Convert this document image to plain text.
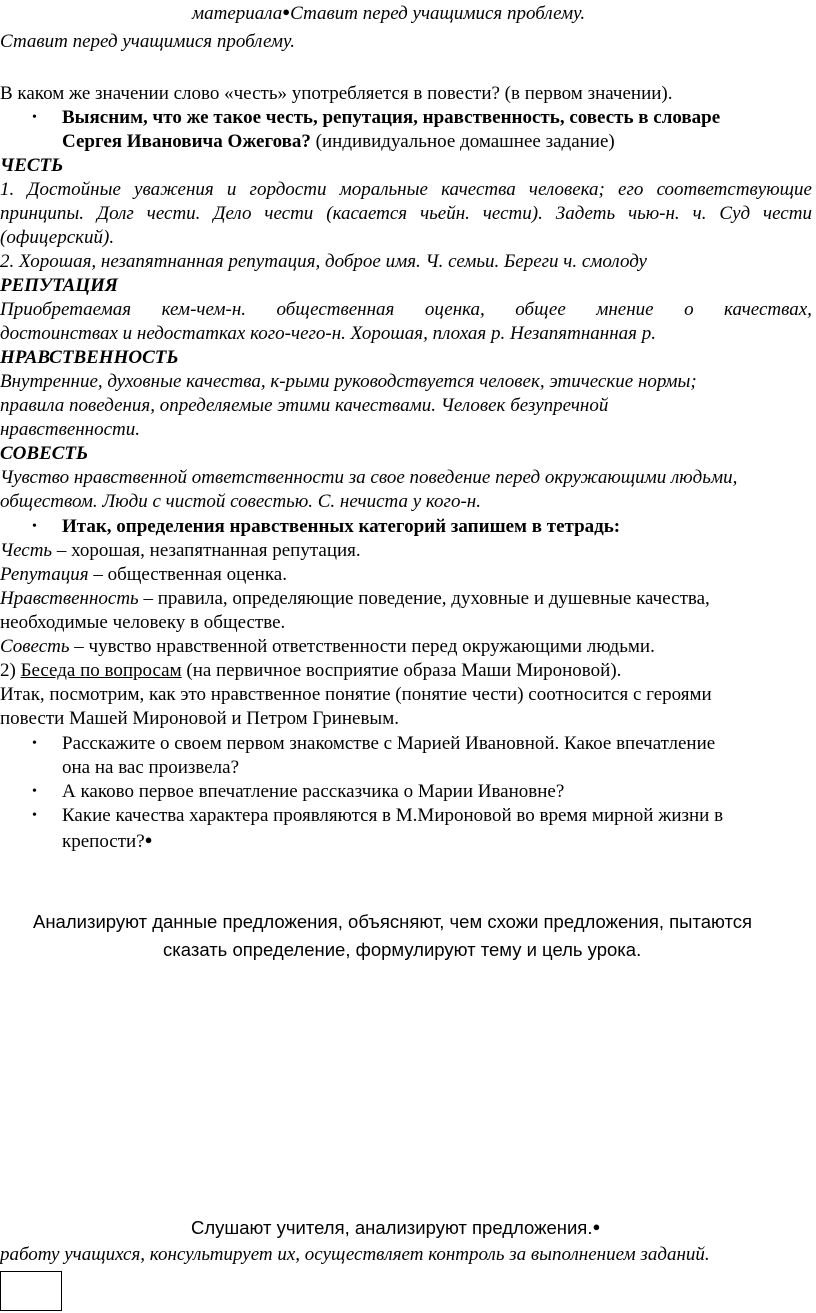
материала●Ставит перед учащимися проблему.
Ставит перед учащимися проблему.
В каком же значении слово «честь» употребляется в повести? (в первом значении).
• Выясним, что же такое честь, репутация, нравственность, совесть в словаре
Сергея Ивановича Ожегова? (индивидуальное домашнее задание)
ЧЕСТЬ
1. Достойные уважения и гордости моральные качества человека; его соответствующие
принципы. Долг чести. Дело чести (касается чьейн. чести). Задеть чью-н. ч. Суд чести
(офицерский).
2. Хорошая, незапятнанная репутация, доброе имя. Ч. семьи. Береги ч. смолоду
РЕПУТАЦИЯ
Приобретаемая кем-чем-н. общественная оценка, общее мнение о качествах,
достоинствах и недостатках кого-чего-н. Хорошая, плохая р. Незапятнанная р.
НРАВСТВЕННОСТЬ
Внутренние, духовные качества, к-рыми руководствуется человек, этические нормы;
правила поведения, определяемые этими качествами. Человек безупречной
нравственности.
СОВЕСТЬ
Чувство нравственной ответственности за свое поведение перед окружающими людьми,
обществом. Люди с чистой совестью. С. нечиста у кого-н.
• Итак, определения нравственных категорий запишем в тетрадь:
Честь – хорошая, незапятнанная репутация.
Репутация – общественная оценка.
Нравственность – правила, определяющие поведение, духовные и душевные качества,
необходимые человеку в обществе.
Совесть – чувство нравственной ответственности перед окружающими людьми.
2) Беседа по вопросам (на первичное восприятие образа Маши Мироновой).
Итак, посмотрим, как это нравственное понятие (понятие чести) соотносится с героями
повести Машей Мироновой и Петром Гриневым.
• Расскажите о своем первом знакомстве с Марией Ивановной. Какое впечатление
она на вас произвела?
• А каково первое впечатление рассказчика о Марии Ивановне?
• Какие качества характера проявляются в М.Мироновой во время мирной жизни в
крепости?●
Анализируют данные предложения, объясняют, чем схожи предложения, пытаются
сказать определение, формулируют тему и цель урока.
Слушают учителя, анализируют предложения.●
работу учащихся, консультирует их, осуществляет контроль за выполнением заданий.
